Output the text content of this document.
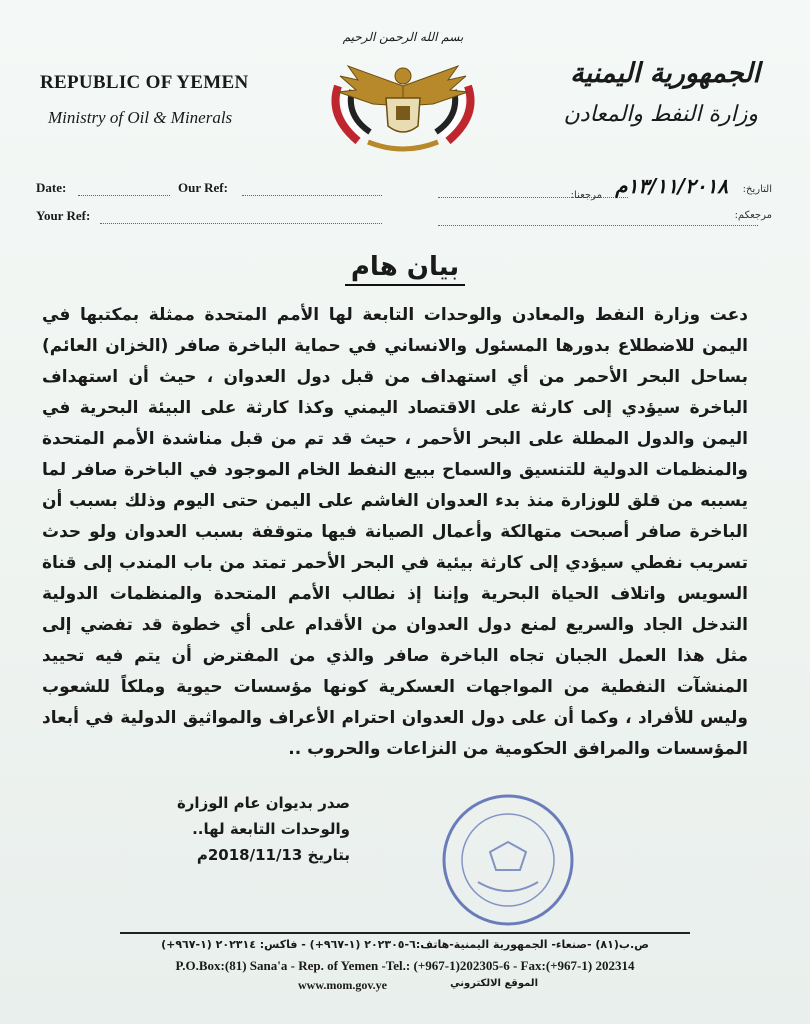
REPUBLIC OF YEMEN
Ministry of Oil & Minerals
الجمهورية اليمنية
وزارة النفط والمعادن
بسم الله الرحمن الرحيم
Date:	Our Ref:
Your Ref:
التاريخ:
١٣/١١/٢٠١٨م
مرجعنا:
مرجعكم:
بيان هام
دعت وزارة النفط والمعادن والوحدات التابعة لها الأمم المتحدة ممثلة بمكتبها في اليمن للاضطلاع بدورها المسئول والانساني في حماية الباخرة صافر (الخزان العائم) بساحل البحر الأحمر من أي استهداف من قبل دول العدوان ، حيث أن استهداف الباخرة سيؤدي إلى كارثة على الاقتصاد اليمني وكذا كارثة على البيئة البحرية في اليمن والدول المطلة على البحر الأحمر ، حيث قد تم من قبل مناشدة الأمم المتحدة والمنظمات الدولية للتنسيق والسماح ببيع النفط الخام الموجود في الباخرة صافر لما يسببه من قلق للوزارة منذ بدء العدوان الغاشم على اليمن حتى اليوم وذلك بسبب أن الباخرة صافر أصبحت متهالكة وأعمال الصيانة فيها متوقفة بسبب العدوان ولو حدث تسريب نفطي سيؤدي إلى كارثة بيئية في البحر الأحمر تمتد من باب المندب إلى قناة السويس واتلاف الحياة البحرية وإننا إذ نطالب الأمم المتحدة والمنظمات الدولية التدخل الجاد والسريع لمنع دول العدوان من الأقدام على أي خطوة قد تفضي إلى مثل هذا العمل الجبان تجاه الباخرة صافر والذي من المفترض أن يتم فيه تحييد المنشآت النفطية من المواجهات العسكرية كونها مؤسسات حيوية وملكاً للشعوب وليس للأفراد ، وكما أن على دول العدوان احترام الأعراف والمواثيق الدولية في أبعاد المؤسسات والمرافق الحكومية من النزاعات والحروب ..
صدر بديوان عام الوزارة
والوحدات التابعة لها..
بتاريخ 2018/11/13م
ص.ب(٨١) -صنعاء- الجمهورية اليمنية-هاتف:٦-٢٠٢٣٠٥ (١-٩٦٧+) - فاكس: ٢٠٢٣١٤ (١-٩٦٧+)
P.O.Box:(81) Sana'a - Rep. of Yemen -Tel.: (+967-1)202305-6 - Fax:(+967-1) 202314
www.mom.gov.ye	الموقع الالكتروني
